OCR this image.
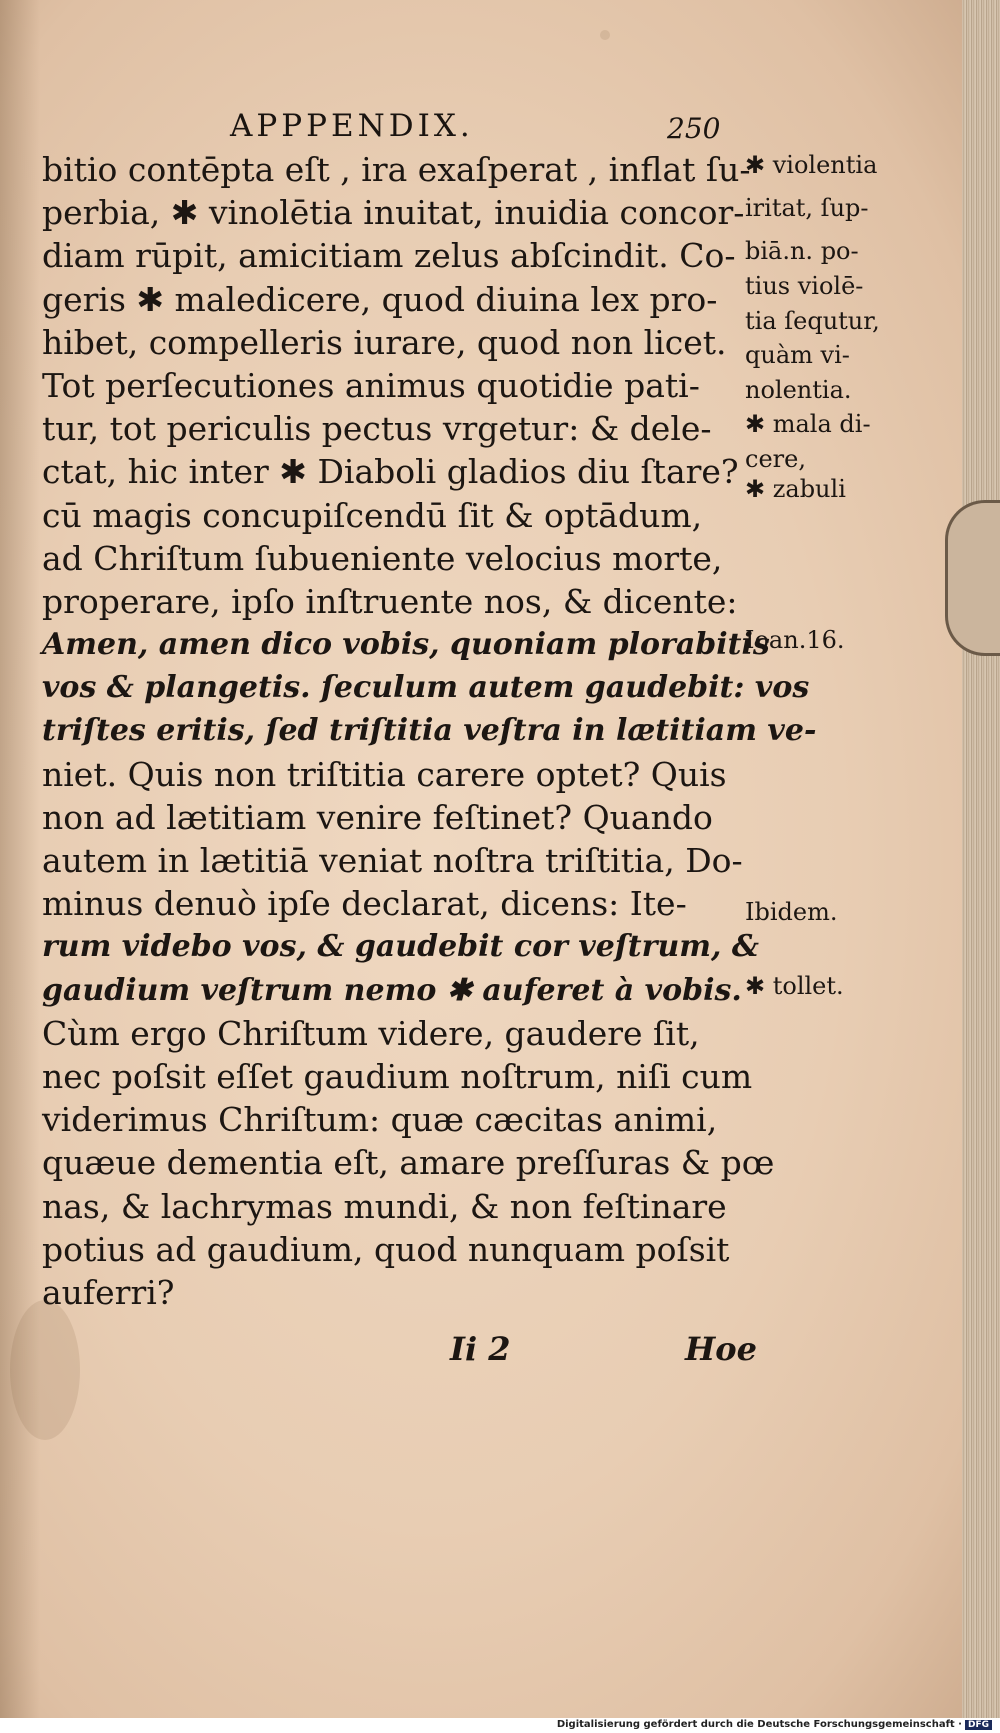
APPPENDIX.	250
bitio contēpta eſt , ira exaſperat , inflat ſu-
perbia, ✱ vinolētia inuitat, inuidia concor-
diam rūpit, amicitiam zelus abſcindit. Co-
geris ✱ maledicere, quod diuina lex pro-
hibet, compelleris iurare, quod non licet.
Tot perſecutiones animus quotidie pati-
tur, tot periculis pectus vrgetur: & dele-
ctat, hic inter ✱ Diaboli gladios diu ſtare?
cū magis concupiſcendū ſit & optādum,
ad Chriſtum ſubueniente velocius morte,
properare, ipſo inſtruente nos, & dicente:
Amen, amen dico vobis, quoniam plorabitis
vos & plangetis. ſeculum autem gaudebit: vos
triſtes eritis, ſed triſtitia veſtra in lætitiam ve-
niet. Quis non triſtitia carere optet? Quis
non ad lætitiam venire feſtinet? Quando
autem in lætitiā veniat noſtra triſtitia, Do-
minus denuò ipſe declarat, dicens: Ite-
rum videbo vos, & gaudebit cor veſtrum, &
gaudium veſtrum nemo ✱ auferet à vobis.
Cùm ergo Chriſtum videre, gaudere ſit,
nec poſsit eſſet gaudium noſtrum, niſi cum
viderimus Chriſtum: quæ cæcitas animi,
quæue dementia eſt, amare preſſuras & pœ
nas, & lachrymas mundi, & non feſtinare
potius ad gaudium, quod nunquam poſsit
auferri?
✱ violentia
iritat, ſup-
biā.n. po-
tius violē-
tia ſequtur,
quàm vi-
nolentia.
✱ mala di-
cere,
✱ zabuli
Ioan.16.
Ibidem.
✱ tollet.
Ii 2	Hoe
Digitalisierung gefördert durch die Deutsche Forschungsgemeinschaft · DFG
